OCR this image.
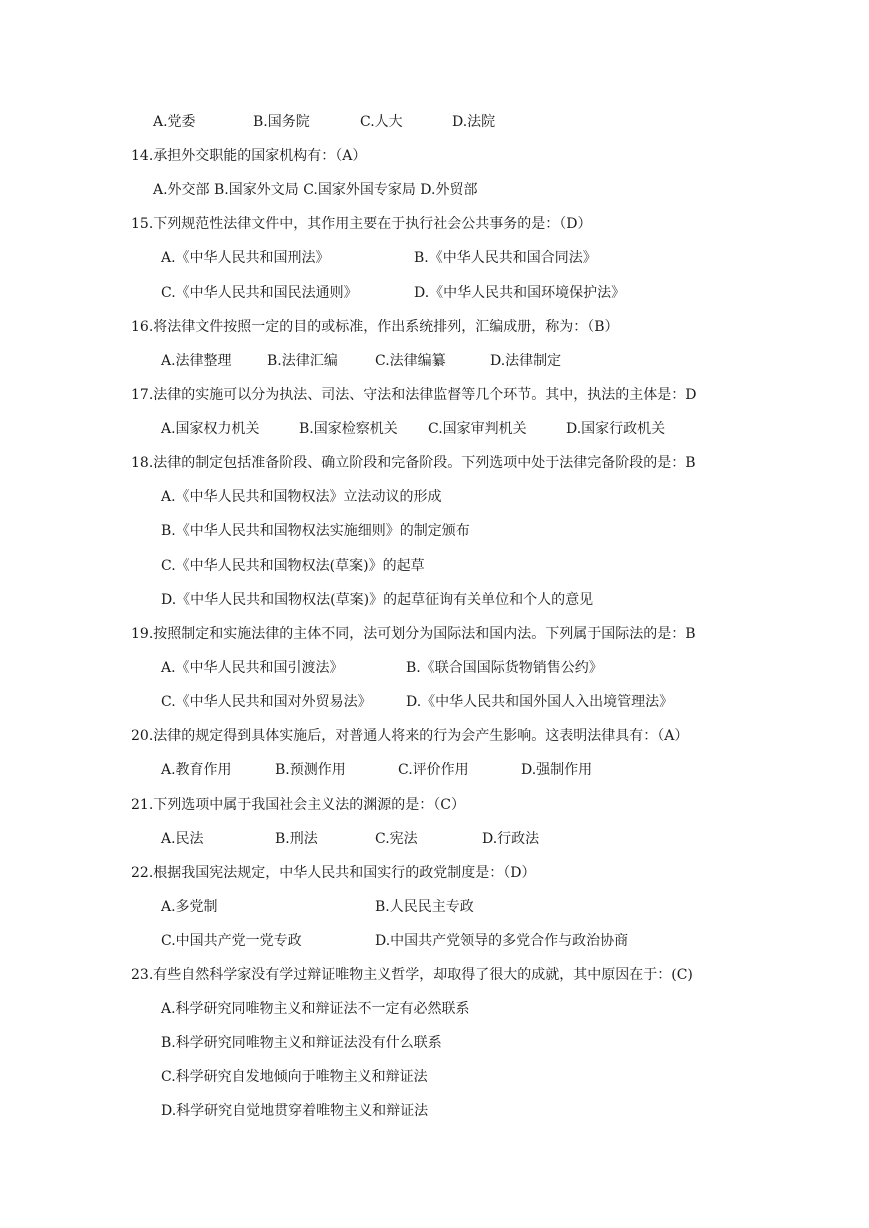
A.党委	B.国务院	C.人大	D.法院
14.承担外交职能的国家机构有：（A）
A.外交部 B.国家外文局 C.国家外国专家局 D.外贸部
15.下列规范性法律文件中，其作用主要在于执行社会公共事务的是：（D）
A.《中华人民共和国刑法》	B.《中华人民共和国合同法》
C.《中华人民共和国民法通则》	D.《中华人民共和国环境保护法》
16.将法律文件按照一定的目的或标准，作出系统排列，汇编成册，称为：（B）
A.法律整理	B.法律汇编	C.法律编纂	D.法律制定
17.法律的实施可以分为执法、司法、守法和法律监督等几个环节。其中，执法的主体是：D
A.国家权力机关	B.国家检察机关 C.国家审判机关	D.国家行政机关
18.法律的制定包括准备阶段、确立阶段和完备阶段。下列选项中处于法律完备阶段的是：B
A.《中华人民共和国物权法》立法动议的形成
B.《中华人民共和国物权法实施细则》的制定颁布
C.《中华人民共和国物权法(草案)》的起草
D.《中华人民共和国物权法(草案)》的起草征询有关单位和个人的意见
19.按照制定和实施法律的主体不同，法可划分为国际法和国内法。下列属于国际法的是：B
A.《中华人民共和国引渡法》	B.《联合国国际货物销售公约》
C.《中华人民共和国对外贸易法》 D.《中华人民共和国外国人入出境管理法》
20.法律的规定得到具体实施后，对普通人将来的行为会产生影响。这表明法律具有：（A）
A.教育作用	B.预测作用	C.评价作用	D.强制作用
21.下列选项中属于我国社会主义法的渊源的是：（C）
A.民法	B.刑法	C.宪法	D.行政法
22.根据我国宪法规定，中华人民共和国实行的政党制度是：（D）
A.多党制	B.人民民主专政
C.中国共产党一党专政	D.中国共产党领导的多党合作与政治协商
23.有些自然科学家没有学过辩证唯物主义哲学，却取得了很大的成就，其中原因在于：(C)
A.科学研究同唯物主义和辩证法不一定有必然联系
B.科学研究同唯物主义和辩证法没有什么联系
C.科学研究自发地倾向于唯物主义和辩证法
D.科学研究自觉地贯穿着唯物主义和辩证法
